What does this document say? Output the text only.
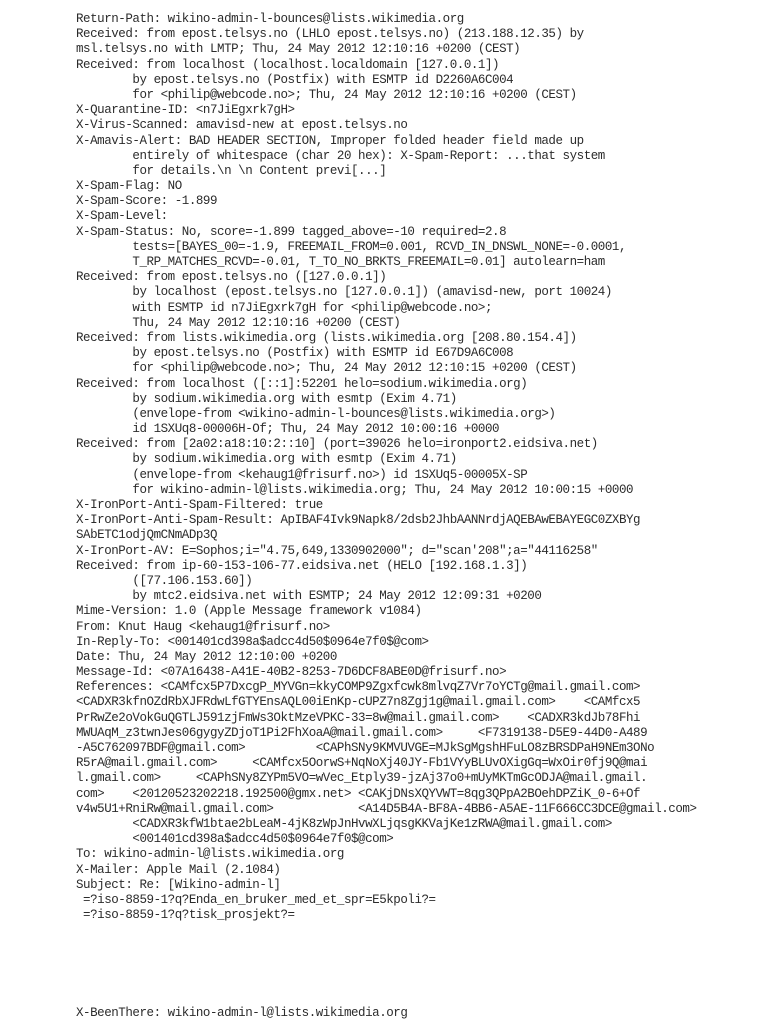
Return-Path: wikino-admin-l-bounces@lists.wikimedia.org
Received: from epost.telsys.no (LHLO epost.telsys.no) (213.188.12.35) by
msl.telsys.no with LMTP; Thu, 24 May 2012 12:10:16 +0200 (CEST)
Received: from localhost (localhost.localdomain [127.0.0.1])
by epost.telsys.no (Postfix) with ESMTP id D2260A6C004
for <philip@webcode.no>; Thu, 24 May 2012 12:10:16 +0200 (CEST)
X-Quarantine-ID: <n7JiEgxrk7gH>
X-Virus-Scanned: amavisd-new at epost.telsys.no
X-Amavis-Alert: BAD HEADER SECTION, Improper folded header field made up
entirely of whitespace (char 20 hex): X-Spam-Report: ...that system
for details.\n \n Content previ[...]
X-Spam-Flag: NO
X-Spam-Score: -1.899
X-Spam-Level:
X-Spam-Status: No, score=-1.899 tagged_above=-10 required=2.8
tests=[BAYES_00=-1.9, FREEMAIL_FROM=0.001, RCVD_IN_DNSWL_NONE=-0.0001,
T_RP_MATCHES_RCVD=-0.01, T_TO_NO_BRKTS_FREEMAIL=0.01] autolearn=ham
Received: from epost.telsys.no ([127.0.0.1])
by localhost (epost.telsys.no [127.0.0.1]) (amavisd-new, port 10024)
with ESMTP id n7JiEgxrk7gH for <philip@webcode.no>;
Thu, 24 May 2012 12:10:16 +0200 (CEST)
Received: from lists.wikimedia.org (lists.wikimedia.org [208.80.154.4])
by epost.telsys.no (Postfix) with ESMTP id E67D9A6C008
for <philip@webcode.no>; Thu, 24 May 2012 12:10:15 +0200 (CEST)
Received: from localhost ([::1]:52201 helo=sodium.wikimedia.org)
by sodium.wikimedia.org with esmtp (Exim 4.71)
(envelope-from <wikino-admin-l-bounces@lists.wikimedia.org>)
id 1SXUq8-00006H-Of; Thu, 24 May 2012 10:00:16 +0000
Received: from [2a02:a18:10:2::10] (port=39026 helo=ironport2.eidsiva.net)
by sodium.wikimedia.org with esmtp (Exim 4.71)
(envelope-from <kehaug1@frisurf.no>) id 1SXUq5-00005X-SP
for wikino-admin-l@lists.wikimedia.org; Thu, 24 May 2012 10:00:15 +0000
X-IronPort-Anti-Spam-Filtered: true
X-IronPort-Anti-Spam-Result: ApIBAF4Ivk9Napk8/2dsb2JhbAANNrdjAQEBAwEBAYEGC0ZXBYg
SAbETC1odjQmCNmADp3Q
X-IronPort-AV: E=Sophos;i="4.75,649,1330902000"; d="scan'208";a="44116258"
Received: from ip-60-153-106-77.eidsiva.net (HELO [192.168.1.3])
([77.106.153.60])
by mtc2.eidsiva.net with ESMTP; 24 May 2012 12:09:31 +0200
Mime-Version: 1.0 (Apple Message framework v1084)
From: Knut Haug <kehaug1@frisurf.no>
In-Reply-To: <001401cd398a$adcc4d50$0964e7f0$@com>
Date: Thu, 24 May 2012 12:10:00 +0200
Message-Id: <07A16438-A41E-40B2-8253-7D6DCF8ABE0D@frisurf.no>
References: <CAMfcx5P7DxcgP_MYVGn=kkyCOMP9Zgxfcwk8mlvqZ7Vr7oYCTg@mail.gmail.com>
<CADXR3kfnOZdRbXJFRdwLfGTYEnsAQL00iEnKp-cUPZ7n8Zgj1g@mail.gmail.com>    <CAMfcx5
PrRwZe2oVokGuQGTLJ591zjFmWs3OktMzeVPKC-33=8w@mail.gmail.com>    <CADXR3kdJb78Fhi
MWUAqM_z3twnJes06gygyZDjoT1Pi2FhXoaA@mail.gmail.com>     <F7319138-D5E9-44D0-A489
-A5C762097BDF@gmail.com>          <CAPhSNy9KMVUVGE=MJkSgMgshHFuLO8zBRSDPaH9NEm3ONo
R5rA@mail.gmail.com>     <CAMfcx5OorwS+NqNoXj40JY-Fb1VYyBLUvOXigGq=WxOir0fj9Q@mai
l.gmail.com>     <CAPhSNy8ZYPm5VO=wVec_Etply39-jzAj37o0+mUyMKTmGcODJA@mail.gmail.
com>    <20120523202218.192500@gmx.net> <CAKjDNsXQYVWT=8qg3QPpA2BOehDPZiK_0-6+Of
v4w5U1+RniRw@mail.gmail.com>            <A14D5B4A-BF8A-4BB6-A5AE-11F666CC3DCE@gmail.com>
<CADXR3kfW1btae2bLeaM-4jK8zWpJnHvwXLjqsgKKVajKe1zRWA@mail.gmail.com>
<001401cd398a$adcc4d50$0964e7f0$@com>
To: wikino-admin-l@lists.wikimedia.org
X-Mailer: Apple Mail (2.1084)
Subject: Re: [Wikino-admin-l]
=?iso-8859-1?q?Enda_en_bruker_med_et_spr=E5kpoli?=
=?iso-8859-1?q?tisk_prosjekt?=
X-BeenThere: wikino-admin-l@lists.wikimedia.org
